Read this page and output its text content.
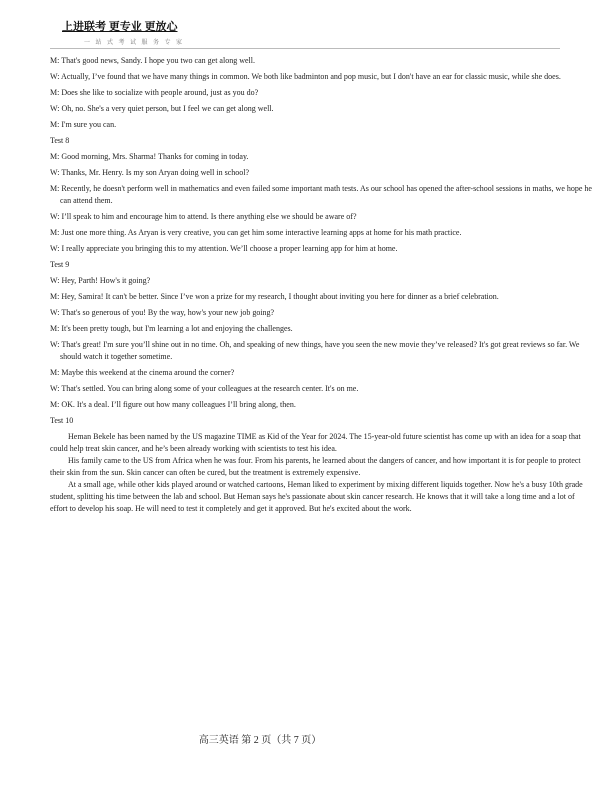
上进联考 更专业 更放心
一 站 式 考 试 服 务 专 家
M: That's good news, Sandy. I hope you two can get along well.
W: Actually, I’ve found that we have many things in common. We both like badminton and pop music, but I don't have an ear for classic music, while she does.
M: Does she like to socialize with people around, just as you do?
W: Oh, no. She's a very quiet person, but I feel we can get along well.
M: I'm sure you can.
Test 8
M: Good morning, Mrs. Sharma! Thanks for coming in today.
W: Thanks, Mr. Henry. Is my son Aryan doing well in school?
M: Recently, he doesn't perform well in mathematics and even failed some important math tests. As our school has opened the after-school sessions in maths, we hope he can attend them.
W: I’ll speak to him and encourage him to attend. Is there anything else we should be aware of?
M: Just one more thing. As Aryan is very creative, you can get him some interactive learning apps at home for his math practice.
W: I really appreciate you bringing this to my attention. We’ll choose a proper learning app for him at home.
Test 9
W: Hey, Parth! How's it going?
M: Hey, Samira! It can't be better. Since I’ve won a prize for my research, I thought about inviting you here for dinner as a brief celebration.
W: That's so generous of you! By the way, how's your new job going?
M: It's been pretty tough, but I'm learning a lot and enjoying the challenges.
W: That's great! I'm sure you’ll shine out in no time. Oh, and speaking of new things, have you seen the new movie they’ve released? It's got great reviews so far. We should watch it together sometime.
M: Maybe this weekend at the cinema around the corner?
W: That's settled. You can bring along some of your colleagues at the research center. It's on me.
M: OK. It's a deal. I’ll figure out how many colleagues I’ll bring along, then.
Test 10
Heman Bekele has been named by the US magazine TIME as Kid of the Year for 2024. The 15-year-old future scientist has come up with an idea for a soap that could help treat skin cancer, and he’s been already working with scientists to test his idea.
His family came to the US from Africa when he was four. From his parents, he learned about the dangers of cancer, and how important it is for people to protect their skin from the sun. Skin cancer can often be cured, but the treatment is extremely expensive.
At a small age, while other kids played around or watched cartoons, Heman liked to experiment by mixing different liquids together. Now he's a busy 10th grade student, splitting his time between the lab and school. But Heman says he's passionate about skin cancer research. He knows that it will take a long time and a lot of effort to develop his soap. He will need to test it completely and get it approved. But he's excited about the work.
高三英语 第 2 页（共 7 页）
